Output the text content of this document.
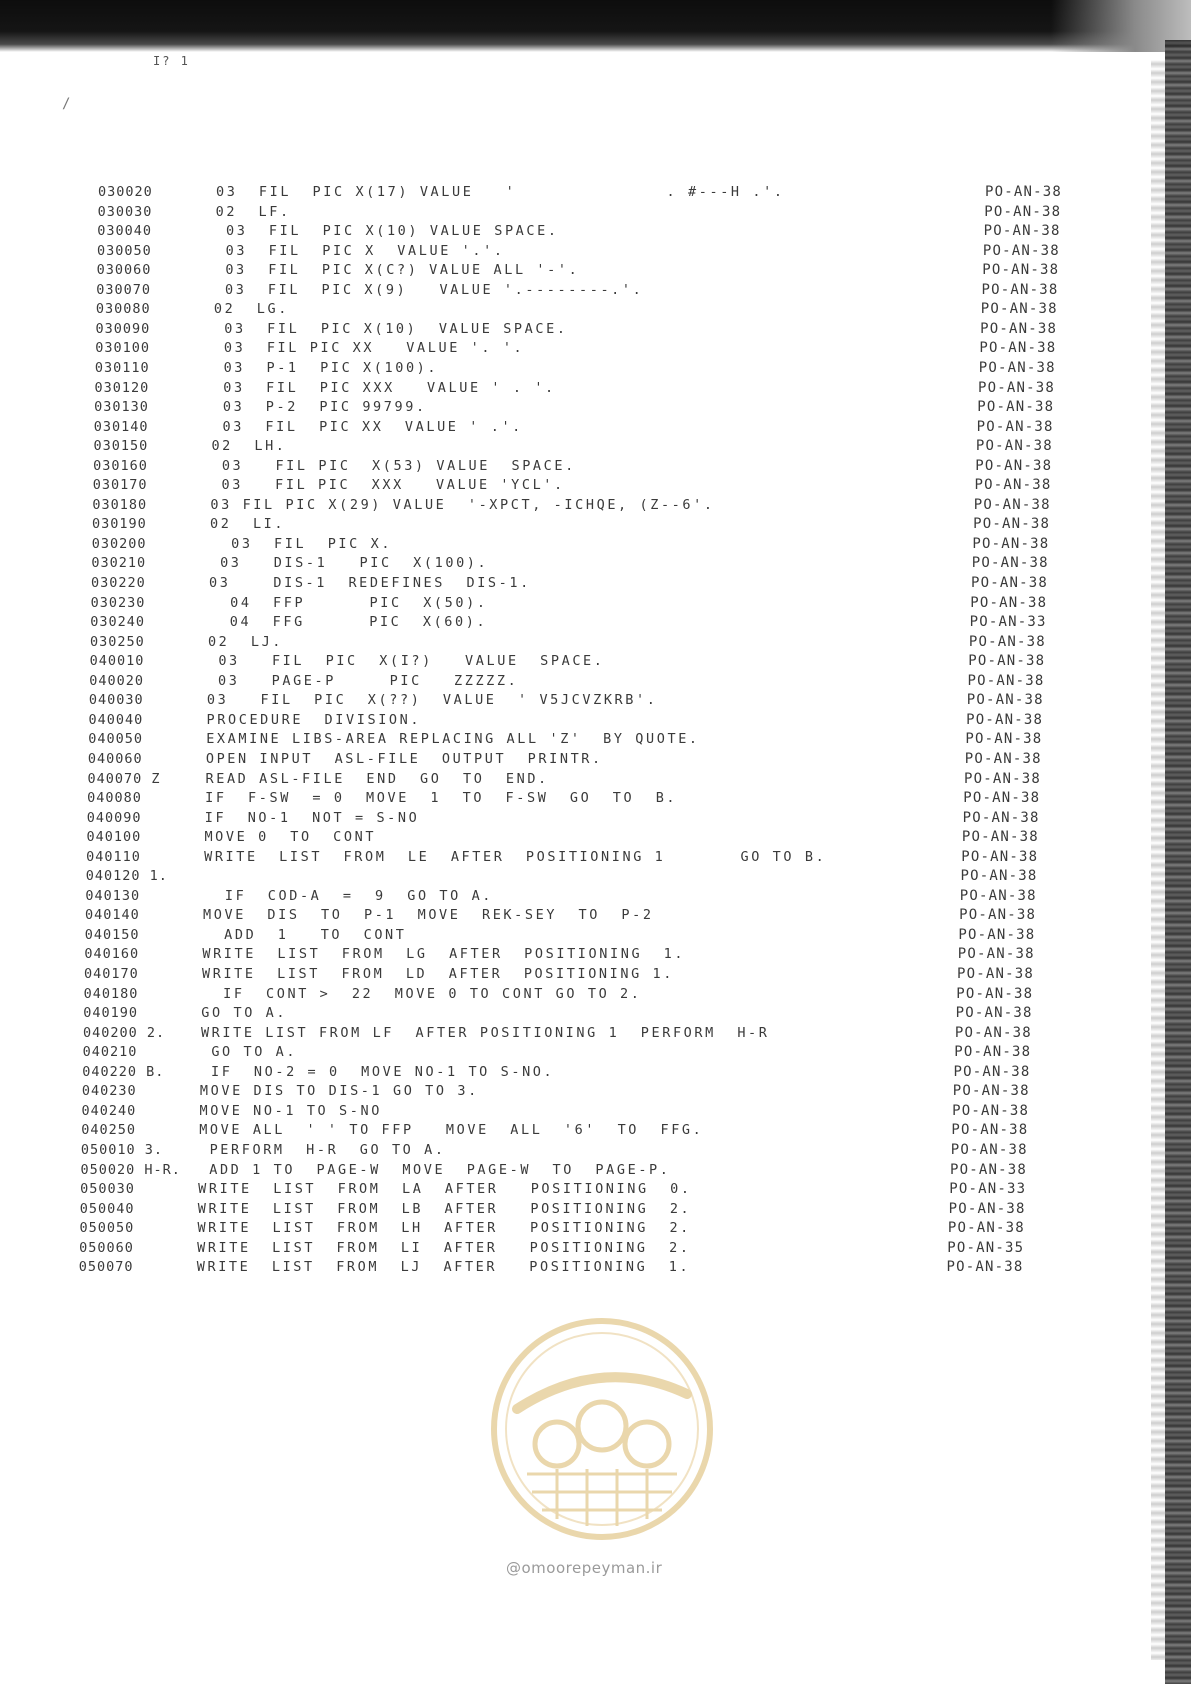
I? 1
/
030020	03  FIL  PIC X(17) VALUE   '              . #---H .'.	PO-AN-38
030030	02  LF.	PO-AN-38
030040	03  FIL  PIC X(10) VALUE SPACE.	PO-AN-38
030050	03  FIL  PIC X  VALUE '.'.	PO-AN-38
030060	03  FIL  PIC X(C?) VALUE ALL '-'.	PO-AN-38
030070	03  FIL  PIC X(9)   VALUE '.--------.'.	PO-AN-38
030080	02  LG.	PO-AN-38
030090	03  FIL  PIC X(10)  VALUE SPACE.	PO-AN-38
030100	03  FIL PIC XX   VALUE '. '.	PO-AN-38
030110	03  P-1  PIC X(100).	PO-AN-38
030120	03  FIL  PIC XXX   VALUE ' . '.	PO-AN-38
030130	03  P-2  PIC 99799.	PO-AN-38
030140	03  FIL  PIC XX  VALUE ' .'.	PO-AN-38
030150	02  LH.	PO-AN-38
030160	03   FIL PIC  X(53) VALUE  SPACE.	PO-AN-38
030170	03   FIL PIC  XXX   VALUE 'YCL'.	PO-AN-38
030180	03 FIL PIC X(29) VALUE  '-XPCT, -ICHQE, (Z--6'.	PO-AN-38
030190	02  LI.	PO-AN-38
030200	03  FIL  PIC X.	PO-AN-38
030210	03   DIS-1   PIC  X(100).	PO-AN-38
030220	03    DIS-1  REDEFINES  DIS-1.	PO-AN-38
030230	04  FFP      PIC  X(50).	PO-AN-38
030240	04  FFG      PIC  X(60).	PO-AN-33
030250	02  LJ.	PO-AN-38
040010	03   FIL  PIC  X(I?)   VALUE  SPACE.	PO-AN-38
040020	03   PAGE-P     PIC   ZZZZZ.	PO-AN-38
040030	03   FIL  PIC  X(??)  VALUE  ' V5JCVZKRB'.	PO-AN-38
040040	PROCEDURE  DIVISION.	PO-AN-38
040050	EXAMINE LIBS-AREA REPLACING ALL 'Z'  BY QUOTE.	PO-AN-38
040060	OPEN INPUT  ASL-FILE  OUTPUT  PRINTR.	PO-AN-38
040070 Z	READ ASL-FILE  END  GO  TO  END.	PO-AN-38
040080	IF  F-SW  = 0  MOVE  1  TO  F-SW  GO  TO  B.	PO-AN-38
040090	IF  NO-1  NOT = S-NO	PO-AN-38
040100	MOVE 0  TO  CONT	PO-AN-38
040110	WRITE  LIST  FROM  LE  AFTER  POSITIONING 1       GO TO B.	PO-AN-38
040120 1.	PO-AN-38
040130	IF  COD-A  =  9  GO TO A.	PO-AN-38
040140	MOVE  DIS  TO  P-1  MOVE  REK-SEY  TO  P-2	PO-AN-38
040150	ADD  1   TO  CONT	PO-AN-38
040160	WRITE  LIST  FROM  LG  AFTER  POSITIONING  1.	PO-AN-38
040170	WRITE  LIST  FROM  LD  AFTER  POSITIONING 1.	PO-AN-38
040180	IF  CONT >  22  MOVE 0 TO CONT GO TO 2.	PO-AN-38
040190	GO TO A.	PO-AN-38
040200 2.	WRITE LIST FROM LF  AFTER POSITIONING 1  PERFORM  H-R	PO-AN-38
040210	GO TO A.	PO-AN-38
040220 B.	IF  NO-2 = 0  MOVE NO-1 TO S-NO.	PO-AN-38
040230	MOVE DIS TO DIS-1 GO TO 3.	PO-AN-38
040240	MOVE NO-1 TO S-NO	PO-AN-38
040250	MOVE ALL  ' ' TO FFP   MOVE  ALL  '6'  TO  FFG.	PO-AN-38
050010 3.	PERFORM  H-R  GO TO A.	PO-AN-38
050020 H-R. ADD 1 TO  PAGE-W  MOVE  PAGE-W  TO  PAGE-P.	PO-AN-38
050030	WRITE  LIST  FROM  LA  AFTER   POSITIONING  0.	PO-AN-33
050040	WRITE  LIST  FROM  LB  AFTER   POSITIONING  2.	PO-AN-38
050050	WRITE  LIST  FROM  LH  AFTER   POSITIONING  2.	PO-AN-38
050060	WRITE  LIST  FROM  LI  AFTER   POSITIONING  2.	PO-AN-35
050070	WRITE  LIST  FROM  LJ  AFTER   POSITIONING  1.	PO-AN-38
@omoorepeyman.ir
